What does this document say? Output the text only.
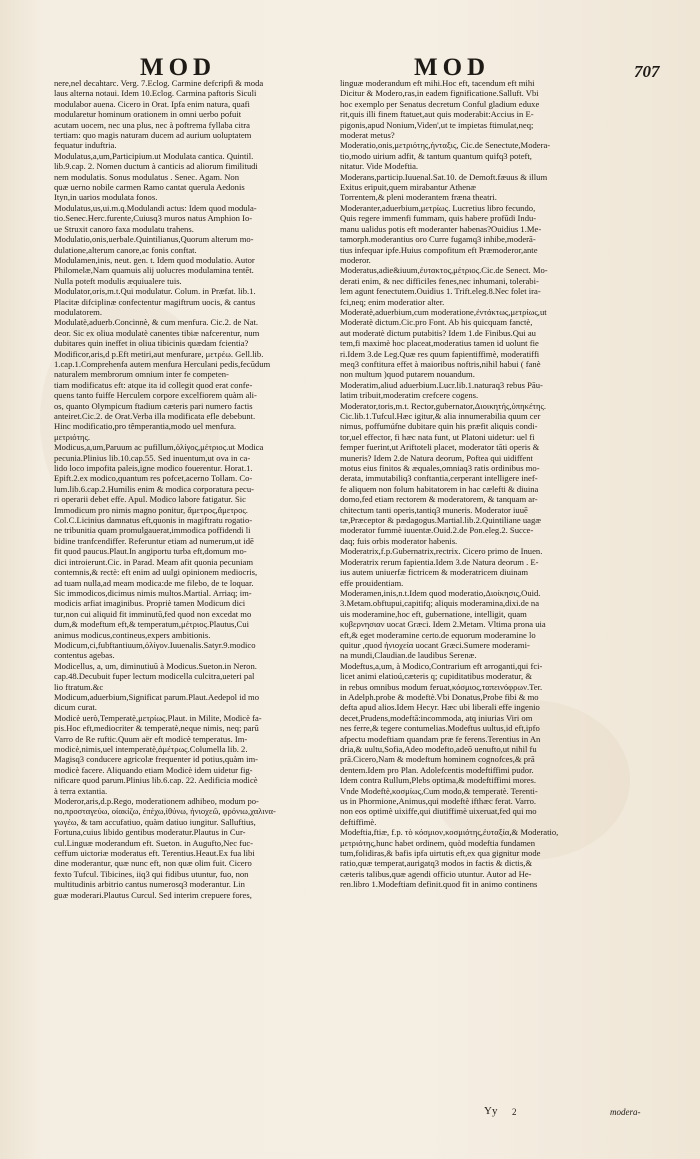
MOD	MOD	707
nere,nel decahtarc. Verg. 7.Eclog. Carmine defcripfi & moda
laus alterna notaui. Idem 10.Eclog. Carmina paftoris Siculi
modulabor auena. Cicero in Orat. Ipfa enim natura, quafi
modularetur hominum orationem in omni uerbo pofuit
acutam uocem, nec una plus, nec à poftrema fyllaba citra
tertiam: quo magis naturam ducem ad aurium uoluptatem
fequatur induftria.
Modulatus,a,um,Participium.ut Modulata cantica. Quintil.
lib.9.cap. 2. Nomen ductum à canticis ad aliorum fimilitudi
nem modulatis. Sonus modulatus . Senec. Agam. Non
quæ uerno nobile carmen Ramo cantat querula Aedonis
Ityn,in uarios modulata fonos.
Modulatus,us,ui.m.q.Modulandi actus: Idem quod modula-
tio.Senec.Herc.furente,Cuiusq3 muros natus Amphion Io-
ue Struxit canoro faxa modulatu trahens.
Modulatio,onis,uerbale.Quintilianus,Quorum alterum mo-
dulatione,alterum canore,ac fonis conftat.
Modulamen,inis, neut. gen. t. Idem quod modulatio. Autor
Philomelæ,Nam quamuis alij uolucres modulamina tentēt.
Nulla poteft modulis æquiualere tuis.
Modulator,oris,m.t.Qui modulatur. Colum. in Præfat. lib.1.
Placitæ difciplinæ confectentur magiftrum uocis, & cantus
modulatorem.
Modulatè,aduerb.Concinnè, & cum menfura. Cic.2. de Nat.
deor. Sic ex oliua modulatè canentes tibiæ nafcerentur, num
dubitares quin ineffet in oliua tibicinis quædam fcientia?
Modificor,aris,d p.Eft metiri,aut menfurare, μετρέω. Gell.lib.
1.cap.1.Comprehenfa autem menfura Herculani pedis,fecūdum
naturalem membrorum omnium inter fe competen-
tiam modificatus eft: atque ita id collegit quod erat confe-
quens tanto fuiffe Herculem corpore excelfiorem quàm ali-
os, quanto Olympicum ftadium cæteris pari numero factis
anteiret.Cic.2. de Orat.Verba illa modificata efle debebunt.
Hinc modificatio,pro têmperantia,modo uel menfura.
μετριότης.
Modicus,a,um,Paruum ac pufillum,ὀλίγος,μέτριος.ut Modica
pecunia.Plinius lib.10.cap.55. Sed inuentum,ut ova in ca-
lido loco impofita paleis,igne modico fouerentur. Horat.1.
Epift.2.ex modico,quantum res pofcet,acerno Tollam. Co-
lum.lib.6.cap.2.Humilis enim & modica corporatura pecu-
ri operarii debet effe. Apul. Modico labore fatigatur. Sic
Immodicum pro nimis magno ponitur, ἄμετρος,ἄμετρος.
Col.C.Licinius damnatus eft,quonis in magiftratu rogatio-
ne tribunitia quam promulgauerat,immodica poffidendi li
bidine tranfcendiffer. Referuntur etiam ad numerum,ut idē
fit quod paucus.Plaut.In angiportu turba eft,domum mo-
dici introierunt.Cic. in Parad. Meam afit quonia pecuniam
contemnis,& rectè: eft enim ad uulgi opinionem mediocris,
ad tuam nulla,ad meam modica:de me filebo, de te loquar.
Sic immodicos,dicimus nimis multos.Martial. Arriaq; im-
modicis arfiat imaginibus. Propriè tamen Modicum dici
tur,non cui aliquid fit imminutū,fed quod non excedat mo
dum,& modeftum eft,& temperatum,μέτριος.Plautus,Cui
animus modicus,contineus,expers ambitionis.
Modicum,ci,fubftantiuum,ὀλίγον.Iuuenalis.Satyr.9.modico
contentus agebas.
Modicellus, a, um, diminutiuū à Modicus.Sueton.in Neron.
cap.48.Decubuit fuper lectum modicella culcitra,ueteri pal
lio ftratum.&c
Modicum,aduerbium,Significat parum.Plaut.Aedepol id mo
dicum curat.
Modicè uerò,Temperatè,μετρίως.Plaut. in Milite, Modicè fa-
pis.Hoc eft,mediocriter & temperatè,neque nimis, neq; parū
Varro de Re ruftic.Quum aër eft modicè temperatus. Im-
modicè,nimis,uel intemperatè,ἀμέτρως.Columella lib. 2.
Magisq3 conducere agricolæ frequenter id potius,quàm im-
modicè facere. Aliquando etiam Modicè idem uidetur fig-
nificare quod parum.Plinius lib.6.cap. 22. Aedificia modicè
à terra extantia.
Moderor,aris,d.p.Rego, moderationem adhibeo, modum po-
no,προσταγεύω, οἰακίζω, ἐπέχω,ἰθύνω, ἡνιοχεῶ, φρόνιω,χαλινα-
γωγέω, & tam accufatiuo, quàm datiuo iungitur. Salluftius,
Fortuna,cuius libido gentibus moderatur.Plautus in Cur-
cul.Linguæ moderandum eft. Sueton. in Augufto,Nec fuc-
ceffum uictoriæ moderatus eft. Terentius.Heaut.Ex fua libi
dine moderantur, quæ nunc eft, non quæ olim fuit. Cicero
fexto Tufcul. Tibicines, iiq3 qui fidibus utuntur, fuo, non
multitudinis arbitrio cantus numerosq3 moderantur. Lin
guæ moderari.Plautus Curcul. Sed interim crepuere fores,
linguæ moderandum eft mihi.Hoc eft, tacendum eft mihi
Dicitur & Modero,ras,in eadem fignificatione.Salluft. Vbi
hoc exemplo per Senatus decretum Conful gladium eduxe
rit,quis illi finem ftatuet,aut quis moderabit:Accius in E-
pigonis,apud Nonium,Viden',ut te impietas ftimulat,neq;
moderat metus?
Moderatio,onis,μετριότης,ἡνταξις, Cic.de Senectute,Modera-
tio,modo uirium adfit, & tantum quantum quifq3 poteft,
nitatur. Vide Modeftia.
Moderans,particip.Iuuenal.Sat.10. de Demoft.fæuus & illum
Exitus eripuit,quem mirabantur Athenæ
Torrentem,& pleni moderantem fræna theatri.
Moderanter,aduerbium,μετρίως. Lucretius libro fecundo,
Quis regere immenfi fummam, quis habere profūdi Indu-
manu ualidus potis eft moderanter habenas?Ouidius 1.Me-
tamorph.moderantius oro Curre fugamq3 inhibe,moderā-
tius infequar ipfe.Huius compofitum eft Præmoderor,ante
moderor.
Moderatus,adie&iuum,ἐυτακτος,μέτριος.Cic.de Senect. Mo-
derati enim, & nec difficiles fenes,nec inhumani, tolerabi-
lem agunt fenectutem.Ouidius 1. Trift.eleg.8.Nec folet ira-
fci,neq; enim moderatior alter.
Moderatè,aduerbium,cum moderatione,ἐντάκτως,μετρίως,ut
Moderatè dictum.Cic.pro Font. Ab his quicquam fanctè,
aut moderatè dictum putabitis? Idem 1.de Finibus.Qui au
tem,fi maximè hoc placeat,moderatius tamen id uolunt fie
ri.Idem 3.de Leg.Quæ res quum fapientiffimè, moderatiffi
meq3 conftitura effet à maioribus noftris,nihil habui ( fanè
non multum )quod putarem nouandum.
Moderatim,aliud aduerbium.Lucr.lib.1.naturaq3 rebus Pāu-
latim tribuit,moderatim crefcere cogens.
Moderator,toris,m.t. Rector,gubernator,Διοικητής,ὑπηκέτης.
Cic.lib.1.Tufcul.Hæc igitur,& alia innumerabilia quum cer
nimus, poffumúfne dubitare quin his præfit aliquis condi-
tor,uel effector, fi hæc nata funt, ut Platoni uidetur: uel fi
femper fuerint,ut Ariftoteli placet, moderator tāti operis &
muneris? Idem 2.de Natura deorum, Poftea qui uidiffent
motus eius finitos & æquales,omniaq3 ratis ordinibus mo-
derata, immutabiliq3 conftantia,cerperant intelligere inef-
fe aliquem non folum habitatorem in hac cælefti & diuina
domo,fed etiam rectorem & moderatorem, & tanquam ar-
chitectum tanti operis,tantiq3 muneris. Moderator iuuē
tæ,Præceptor & pædagogus.Martial.lib.2.Quintiliane uagæ
moderator fummè iuuentæ.Ouid.2.de Pon.eleg.2. Succe-
daq; fuis orbis moderator habenis.
Moderatrix,f.p.Gubernatrix,rectrix. Cicero primo de Inuen.
Moderatrix rerum fapientia.Idem 3.de Natura deorum . E-
ius autem uniuerfæ fictricem & moderatricem diuinam
effe prouidentiam.
Moderamen,inis,n.t.Idem quod moderatio,Διοίκησις,Ouid.
3.Metam.obftupui,capitifq; aliquis moderamina,dixi.de na
uis moderamine,hoc eft, gubernatione, intelligit, quam
κυβερνησιαν uocat Græci. Idem 2.Metam. Vltima prona uia
eft,& eget moderamine certo.de equorum moderamine lo
quitur ,quod ἡνιοχεία uocant Græci.Sumere moderami-
na mundi,Claudian.de laudibus Serenæ.
Modeftus,a,um, à Modico,Contrarium eft arroganti,qui fci-
licet animi elatioú,cæteris q; cupiditatibus moderatur, &
in rebus omnibus modum feruat,κόσμιος,ταπεινόφρων.Ter.
in Adelph.probe & modeftè.Vbi Donatus,Probe fibi & mo
defta apud alios.Idem Hecyr. Hæc ubi liberali effe ingenio
decet,Prudens,modeftā:incommoda, atq iniurias Viri om
nes ferre,& tegere contumelias.Modeftus uultus,id eft,ipfo
afpectu modeftiam quandam præ fe ferens.Terentius in An
dria,& uultu,Sofia,Adeo modefto,adeō uenufto,ut nihil fu
prā.Cicero,Nam & modeftum hominem cognofces,& prā
dentem.Idem pro Plan. Adolefcentis modeftiffimi pudor.
Idem contra Rullum,Plebs optima,& modeftiffimi mores.
Vnde Modeftè,κοσμίως,Cum modo,& temperatè. Terenti-
us in Phormione,Animus,qui modeftè ifthæc ferat. Varro.
non eos optimè uixiffe,qui diutiffimè uixeruat,fed qui mo
deftiffimè.
Modeftia,ftiæ, f.p. τὸ κόσμιον,κοσμιότης,ἐυταξία,& Moderatio,
μετριότης,hunc habet ordinem, quòd modeftia fundamen
tum,folidiras,& bafis ipfa uirtutis eft,ex qua gignitur mode
ratio,quæ temperat,aurigatq3 modos in factis & dictis,&
cæteris talibus,quæ agendi officio utuntur. Autor ad He-
ren.libro 1.Modeftiam definit.quod fit in animo continens
Yy 2	modera-
